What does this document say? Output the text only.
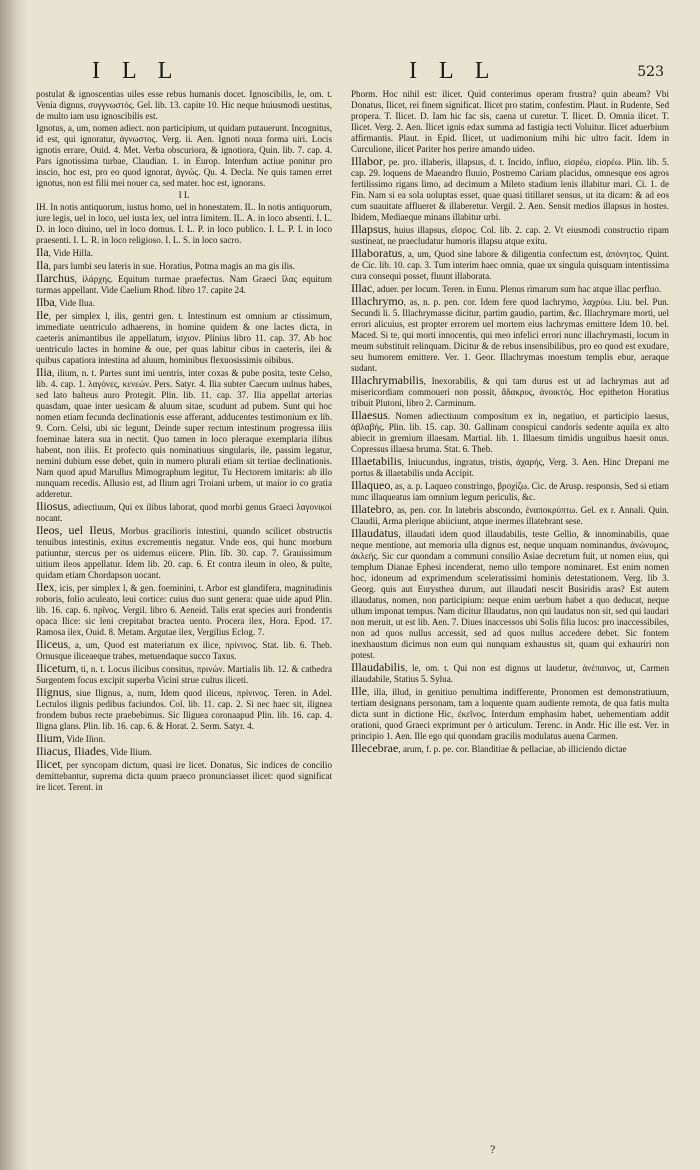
I L L	I L L	523

postulat & ignoscentias uiles esse rebus humanis docet. Ignoscibilis, le, om. t. Venia dignus, συγγνωστός. Gel. lib. 13. capite 10. Hic neque huiusmodi uestitus, de multo iam usu ignoscibilis est.

Ignotus, a, um, nomen adiect. non participium, ut quidam putauerunt. Incognitus, id est, qui ignoratur, ἀγνωστος. Verg. ii. Aen. Ignoti noua forma uiri. Locis ignotis errare, Ouid. 4. Met. Verba obscuriora, & ignotiora, Quin. lib. 7. cap. 4. Pars ignotissima turbae, Claudian. 1. in Europ. Interdum actiue ponitur pro inscio, hoc est, pro eo quod ignorat, ἀγνώς. Qu. 4. Decla. Ne quis tamen erret ignotus, non est filii mei nouer ca, sed mater. hoc est, ignorans.

I L

IH. In notis antiquorum, iustus homo, uel in honestatem. IL. In notis antiquorum, iure legis, uel in loco, uel iusta lex, uel intra limitem. IL. A. in loco absenti. I. L. D. in loco diuino, uel in loco domus. I. L. P. in loco publico. I. L. P. I. in loco praesenti. I. L. R. in loco religioso. I. L. S. in loco sacro.

Ila, Vide Hilla.

Ila, pars lumbi seu lateris in sue. Horatius, Potma magis an ma gis ilis.

Ilarchus, ἰλάρχης. Equitum turmae praefectus. Nam Graeci ἴλας equitum turmas appellant. Vide Caelium Rhod. libro 17. capite 24.

Ilba, Vide Ilua.

Ile, per simplex l, ilis, gentri gen. t. Intestinum est omnium ar ctissimum, immediate uentriculo adhaerens, in homine quidem & one lactes dicta, in caeteris animantibus ile appellatum, ἰσχιον. Plinius libro 11. cap. 37. Ab hoc uentriculo lactes in homine & oue, per quas labitur cibus in caeteris, ilei & quibus capatiora intestina ad aluum, hominibus flexuosissimis oibibus.

Ilia, ilium, n. t. Partes sunt imi uentris, inter coxas & pube posita, teste Celso, lib. 4. cap. 1. λαγόνες, κενεών. Pers. Satyr. 4. Ilia subter Caecum uulnus habes, sed lato balteus auro Protegit. Plin. lib. 11. cap. 37. Ilia appellat arterias quasdam, quae inter uesicam & aluum sitae, scudunt ad pubem. Sunt qui hoc nomen etiam fecunda declinationis esse afferant, adducentes testimonium ex lib. 9. Corn. Celsi, ubi sic legunt, Deinde super rectum intestinum progressa iliis foeminae latera sua in nectit. Quo tamen in loco pleraque exemplaria ilibus habent, non iliis. Et profecto quis nominatiuus singularis, ile, passim legatur, nemini dubium esse debet, quin in numero plurali etiam sit tertiae declinationis. Nam quod apud Marullus Mimographum legitur, Tu Hectorem imitaris: ab illo nunquam recedis. Allusio est, ad Ilium agri Troiani urbem, ut maior io co gratia adderetur.

Iliosus, adiectiuum, Qui ex ilibus laborat, quod morbi genus Graeci λαγονικοί nocant.

Ileos, uel Ileus, Morbus gracilioris intestini, quando scilicet obstructis tenuibus intestinis, exitus excrementis negatur. Vnde eos, qui hunc morbum patiuntur, stercus per os uidemus eiicere. Plin. lib. 30. cap. 7. Grauissimum uitium ileos appellatur. Idem lib. 20. cap. 6. Et contra ileum in oleo, & pulte, quidam etiam Chordapson uocant.

Ilex, icis, per simplex l, & gen. foeminini, t. Arbor est glandifera, magnitudinis roboris, folio aculeato, leui cortice: cuius duo sunt genera: quae uide apud Plin. lib. 16. cap. 6. πρῖνος. Vergil. libro 6. Aeneid. Talis erat species auri frondentis opaca Ilice: sic leni crepitabat bractea uento. Procera ilex, Hora. Epod. 17. Ramosa ilex, Ouid. 8. Metam. Argutae ilex, Vergilius Eclog. 7.

Iliceus, a, um, Quod est materiatum ex ilice, πρίνινος. Stat. lib. 6. Theb. Ornusque iliceaeque trabes, metuendaque succo Taxus.

Ilicetum, ti, n. t. Locus ilicibus consitus, πρινών. Martialis lib. 12. & cathedra Surgentem focus excipit superba Vicini strue cultus iliceti.

Ilignus, siue Ilignus, a, num, Idem quod iliceus, πρίνινος. Teren. in Adel. Lectulos ilignis pedibus faciundos. Col. lib. 11. cap. 2. Si nec haec sit, ilignea frondem bubus recte praebebimus. Sic Iliguea coronaapud Plin. lib. 16. cap. 4. Iligna glans. Plin. lib. 16. cap. 6. & Horat. 2. Serm. Satyr. 4.

Ilium, Vide Ilion.

Iliacus, Iliades, Vide Ilium.

Ilicet, per syncopam dictum, quasi ire licet. Donatus, Sic indices de concilio demittebantur, suprema dicta quum praeco pronunciasset ilicet: quod significat ire licet. Terent. in

Phorm. Hoc nihil est: ilicet. Quid conterimus operam frustra? quin abeam? Vbi Donatus, Ilicet, rei finem significat. Ilicet pro statim, confestim. Plaut. in Rudente, Sed propera. T. Ilicet. D. Iam hic fac sis, caena ut curetur. T. Ilicet. D. Omnia ilicet. T. Ilicet. Verg. 2. Aen. Ilicet ignis edax summa ad fastigia tecti Voluitur. Ilicet aduerbium affirmantis. Plaut. in Epid. Ilicet, ut uadimonium mihi hic ultro facit. Idem in Curculione, ilicet Pariter hos perire amando uideo.

Illabor, pe. pro. illaberis, illapsus, d. t. Incido, influo, εἰσρέω, εἰσρέω. Plin. lib. 5. cap. 29. loquens de Maeandro fluuio, Postremo Cariam placidus, omnesque eos agros fertilissimo rigans limo, ad decimum a Mileto stadium lenis illabitur mari. Ci. 1. de Fin. Nam si ea sola uoluptas esset, quae quasi titillaret sensus, ut ita dicam: & ad eos cum suauitate afflueret & illaberetur. Vergil. 2. Aen. Sensit medios illapsus in hostes. Ibidem, Mediaeque minans illabitur urbi.

Illapsus, huius illapsus, εἴσρος. Col. lib. 2. cap. 2. Vt eiusmodi constructio ripam sustineat, ne praecludatur humoris illapsu atque exitu.

Illaboratus, a, um, Quod sine labore & diligentia confectum est, ἀπόνητος. Quint. de Cic. lib. 10. cap. 3. Tum interim haec omnia, quae ux singula quisquam intentissima cura consequi posset, fluunt illaborata.

Illac, aduer. per locum. Teren. in Eunu. Plenus rimarum sum hac atque illac perfluo.

Illachrymo, as, n. p. pen. cor. Idem fere quod lachrymo, λαχρύω. Liu. bel. Pun. Secundi li. 5. Illachrymasse dicitur, partim gaudio, partim, &c. Illachrymare morti, uel errori alicuius, est propter errorem uel mortem eius lachrymas emittere Idem 10. bel. Maced. Si te, qui morti innocentis, qui meo infelici errori nunc illachrymasti, locum in meum substituit relinquam. Dicitur & de rebus insensibilibus, pro eo quod est exudare, seu humorem emittere. Ver. 1. Geor. Illachrymas moestum templis ebur, aeraque sudant.

Illachrymabilis, Inexorabilis, & qui tam durus est ut ad lachrymas aut ad misericordiam commoueri non possit, ἄδακρυς, ἀνοικτός. Hoc epitheton Horatius tribuit Plutoni, libro 2. Carminum.

Illaesus. Nomen adiectiuum compositum ex in, negatiuo, et participio laesus, ἀβλαβής. Plin. lib. 15. cap. 30. Gallinam conspicui candoris sedente aquila ex alto abiecit in gremium illaesam. Martial. lib. 1. Illaesum timidis unguibus haesit onus. Copressus illaesa bruma. Stat. 6. Theb.

Illaetabilis, Iniucundus, ingratus, tristis, ἀχαρής, Verg. 3. Aen. Hinc Drepani me portus & illaetabilis unda Accipit.

Illaqueo, as, a. p. Laqueo constringo, βροχίζω. Cic. de Arusp. responsis, Sed si etiam nunc illaqueatus iam omnium legum periculis, &c.

Illatebro, as, pen. cor. In latebris abscondo, ἐναποκρύπτω. Gel. ex r. Annali. Quin. Claudii, Arma plerique abiiciunt, atque inermes illatebrant sese.

Illaudatus, illaudati idem quod illaudabilis, teste Gellio, & innominabilis, quae neque mentione, aut memoria ulla dignus est, neque unquam nominandus, ἀνώνυμος, ἀκλεής. Sic cur quondam a communi consilio Asiae decretum fuit, ut nomen eius, qui templum Dianae Ephesi incenderat, nemo ullo tempore nominaret. Est enim nomen hoc, idoneum ad exprimendum sceleratissimi hominis detestationem. Verg. lib 3. Georg. quis aut Eurysthea durum, aut illaudati nescit Busiridis aras? Est autem illaudatus, nomen, non participium: neque enim uerbum habet a quo deducat, neque ullum imponat tempus. Nam dicitur Illaudatus, non qui laudatus non sit, sed qui laudari non meruit, ut est lib. Aen. 7. Diues inaccessos ubi Solis filia lucos: pro inaccessibiles, non ad quos nullus accessit, sed ad quos nullus accedere debet. Sic fontem inexhaustum dicimus non eum qui nunquam exhaustus sit, quam qui exhauriri non potest.

Illaudabilis, le, om. t. Qui non est dignus ut laudetur, ἀνέπαινος, ut, Carmen illaudabile, Statius 5. Sylua.

Ille, illa, illud, in genitiuo penultima indifferente, Pronomen est demonstratiuum, tertiam designans personam, tam a loquente quam audiente remota, de qua fatis multa dicta sunt in dictione Hic, ἐκεῖνος. Interdum emphasim habet, uehementiam addit orationi, quod Graeci exprimunt per ὁ articulum. Terenc. in Andr. Hic ille est. Ver. in principio 1. Aen. Ille ego qui quondam gracilis modulatus auena Carmen.

Illecebrae, arum, f. p. pe. cor. Blanditiae & pellaciae, ab illiciendo dictae

?
